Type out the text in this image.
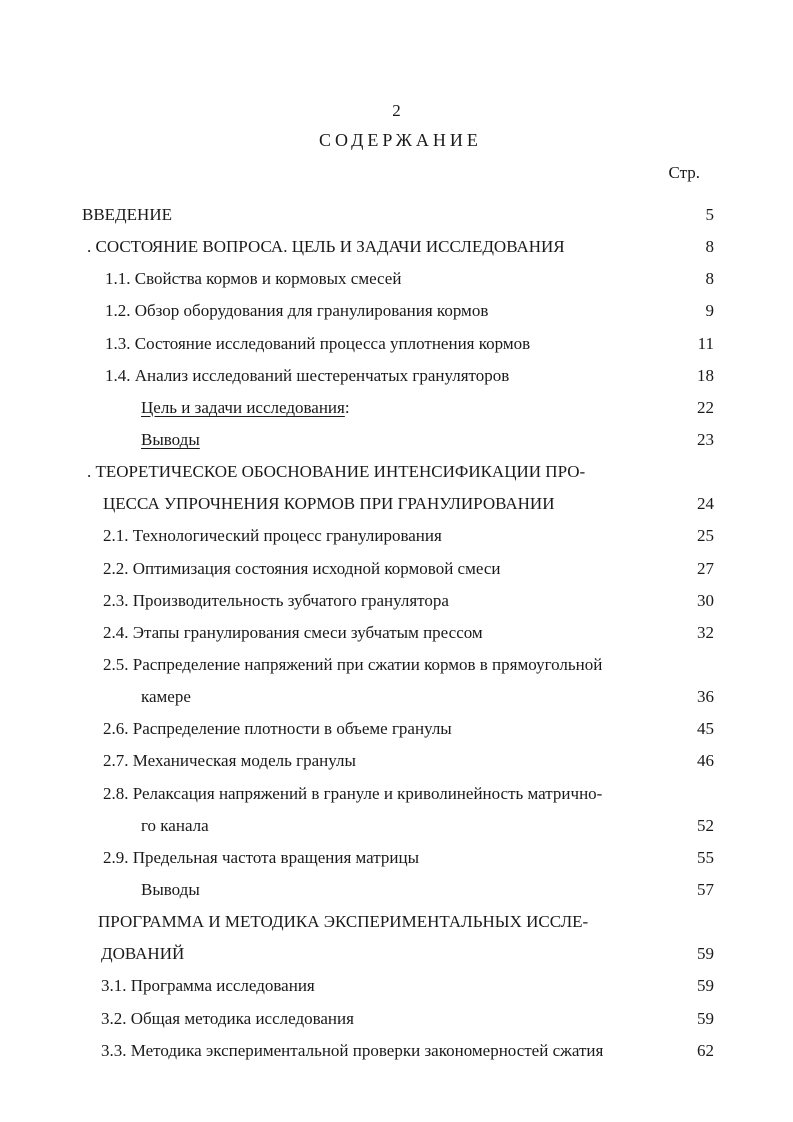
2
СОДЕРЖАНИЕ
Стр.
ВВЕДЕНИЕ	5
. СОСТОЯНИЕ ВОПРОСА. ЦЕЛЬ И ЗАДАЧИ ИССЛЕДОВАНИЯ	8
1.1. Свойства кормов и кормовых смесей	8
1.2. Обзор оборудования для гранулирования кормов	9
1.3. Состояние исследований процесса уплотнения кормов	11
1.4. Анализ исследований шестеренчатых грануляторов	18
Цель и задачи исследования:	22
Выводы	23
. ТЕОРЕТИЧЕСКОЕ ОБОСНОВАНИЕ ИНТЕНСИФИКАЦИИ ПРО-
ЦЕССА УПРОЧНЕНИЯ КОРМОВ ПРИ ГРАНУЛИРОВАНИИ	24
2.1. Технологический процесс гранулирования	25
2.2. Оптимизация состояния исходной кормовой смеси	27
2.3. Производительность зубчатого гранулятора	30
2.4. Этапы гранулирования смеси зубчатым прессом	32
2.5. Распределение напряжений при сжатии кормов в прямоугольной
камере	36
2.6. Распределение плотности в объеме гранулы	45
2.7. Механическая модель гранулы	46
2.8. Релаксация напряжений в грануле и криволинейность матрично-
го канала	52
2.9. Предельная частота вращения матрицы	55
Выводы	57
ПРОГРАММА И МЕТОДИКА ЭКСПЕРИМЕНТАЛЬНЫХ ИССЛЕ-
ДОВАНИЙ	59
3.1. Программа исследования	59
3.2. Общая методика исследования	59
3.3. Методика экспериментальной проверки закономерностей сжатия	62
